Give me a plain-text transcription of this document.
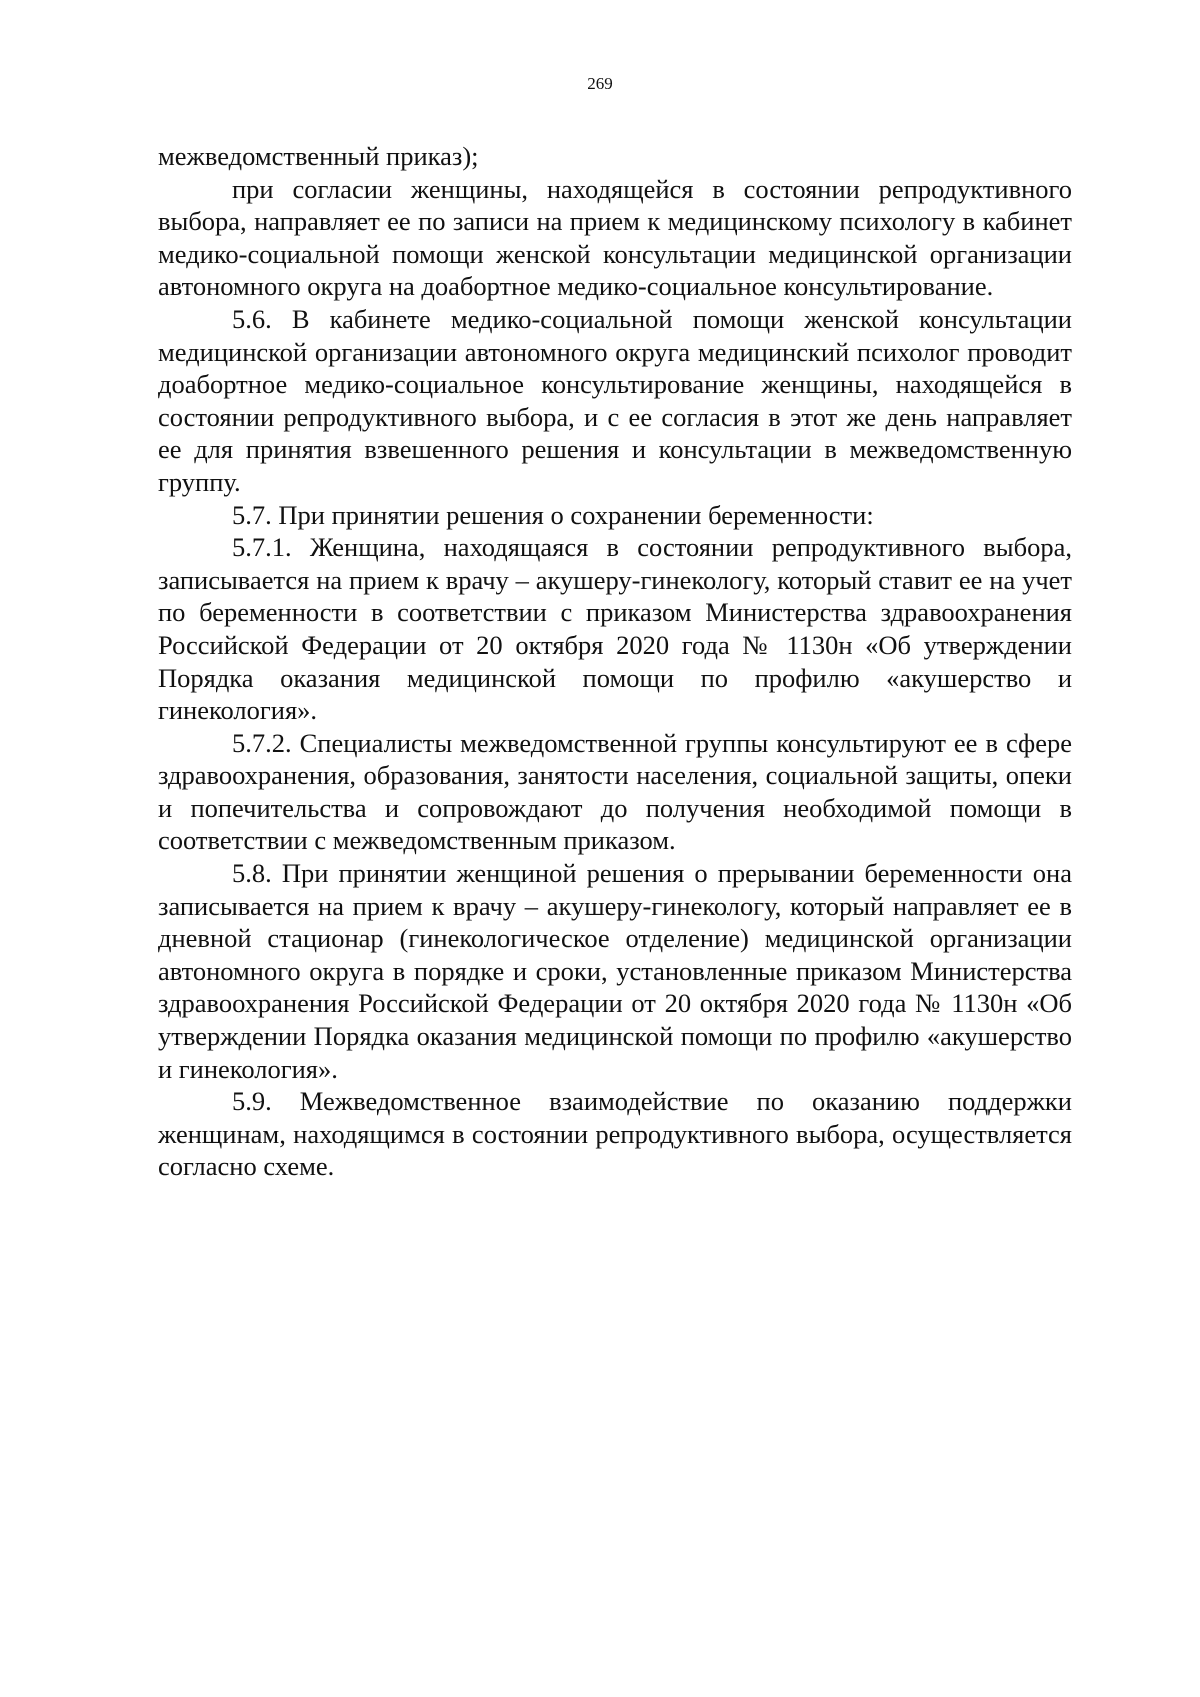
269

межведомственный приказ);

при согласии женщины, находящейся в состоянии репродуктивного выбора, направляет ее по записи на прием к медицинскому психологу в кабинет медико-социальной помощи женской консультации медицинской организации автономного округа на доабортное медико-социальное консультирование.

5.6. В кабинете медико-социальной помощи женской консультации медицинской организации автономного округа медицинский психолог проводит доабортное медико-социальное консультирование женщины, находящейся в состоянии репродуктивного выбора, и с ее согласия в этот же день направляет ее для принятия взвешенного решения и консультации в межведомственную группу.

5.7. При принятии решения о сохранении беременности:

5.7.1. Женщина, находящаяся в состоянии репродуктивного выбора, записывается на прием к врачу – акушеру-гинекологу, который ставит ее на учет по беременности в соответствии с приказом Министерства здравоохранения Российской Федерации от 20 октября 2020 года № 1130н «Об утверждении Порядка оказания медицинской помощи по профилю «акушерство и гинекология».

5.7.2. Специалисты межведомственной группы консультируют ее в сфере здравоохранения, образования, занятости населения, социальной защиты, опеки и попечительства и сопровождают до получения необходимой помощи в соответствии с межведомственным приказом.

5.8. При принятии женщиной решения о прерывании беременности она записывается на прием к врачу – акушеру-гинекологу, который направляет ее в дневной стационар (гинекологическое отделение) медицинской организации автономного округа в порядке и сроки, установленные приказом Министерства здравоохранения Российской Федерации от 20 октября 2020 года № 1130н «Об утверждении Порядка оказания медицинской помощи по профилю «акушерство и гинекология».

5.9. Межведомственное взаимодействие по оказанию поддержки женщинам, находящимся в состоянии репродуктивного выбора, осуществляется согласно схеме.
